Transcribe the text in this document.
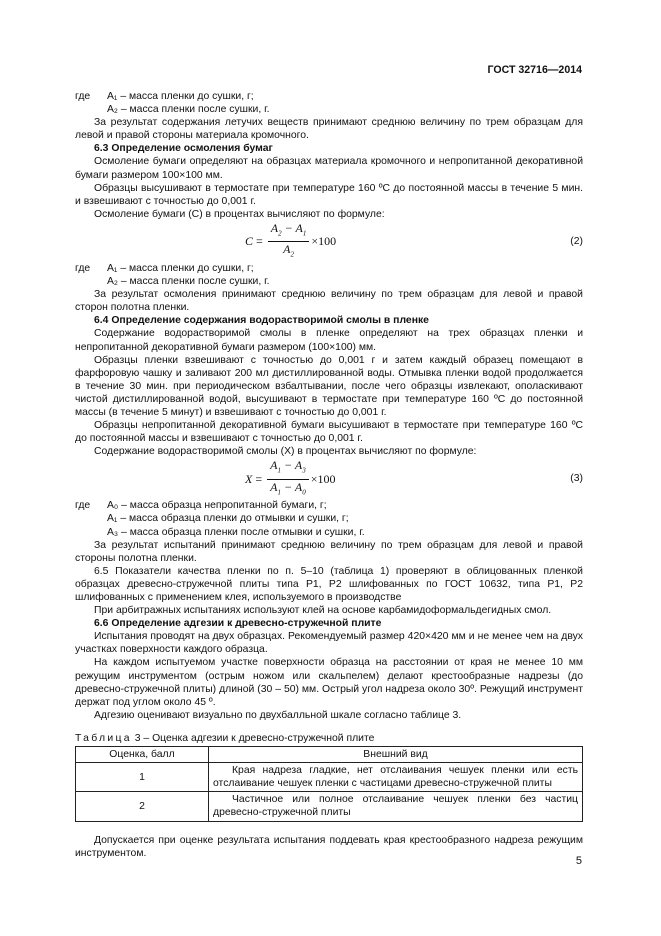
ГОСТ 32716—2014
где	A₁ – масса пленки до сушки, г;
A₂ – масса пленки после сушки, г.

За результат содержания летучих веществ принимают среднюю величину по трем образцам для левой и правой стороны материала кромочного.

6.3 Определение осмоления бумаг

Осмоление бумаги определяют на образцах материала кромочного и непропитанной декоративной бумаги размером 100×100 мм.

Образцы высушивают в термостате при температуре 160 ºС до постоянной массы в течение 5 мин. и взвешивают с точностью до 0,001 г.

Осмоление бумаги (С) в процентах вычисляют по формуле:

$C = \frac{A_2 - A_1}{A_2} \times 100$	(2)
где	A₁ – масса пленки до сушки, г;
A₂ – масса пленки после сушки, г.

За результат осмоления принимают среднюю величину по трем образцам для левой и правой сторон полотна пленки.

6.4 Определение содержания водорастворимой смолы в пленке

Содержание водорастворимой смолы в пленке определяют на трех образцах пленки и непропитанной декоративной бумаги размером (100×100) мм.

Образцы пленки взвешивают с точностью до 0,001 г и затем каждый образец помещают в фарфоровую чашку и заливают 200 мл дистиллированной воды. Отмывка пленки водой продолжается в течение 30 мин. при периодическом взбалтывании, после чего образцы извлекают, ополаскивают чистой дистиллированной водой, высушивают в термостате при температуре 160 ºС до постоянной массы (в течение 5 минут) и взвешивают с точностью до 0,001 г.

Образцы непропитанной декоративной бумаги высушивают в термостате при температуре 160 ºС до постоянной массы и взвешивают с точностью до 0,001 г.

Содержание водорастворимой смолы (Х) в процентах вычисляют по формуле:

$X = \frac{A_1 - A_3}{A_1 - A_0} \times 100$	(3)
где	A₀ – масса образца непропитанной бумаги, г;
A₁ – масса образца пленки до отмывки и сушки, г;
A₃ – масса образца пленки после отмывки и сушки, г.

За результат испытаний принимают среднюю величину по трем образцам для левой и правой стороны полотна пленки.

6.5 Показатели качества пленки по п. 5–10 (таблица 1) проверяют в облицованных пленкой образцах древесно-стружечной плиты типа Р1, Р2 шлифованных по ГОСТ 10632, типа Р1, Р2 шлифованных с применением клея, используемого в производстве

При арбитражных испытаниях используют клей на основе карбамидоформальдегидных смол.

6.6 Определение адгезии к древесно-стружечной плите

Испытания проводят на двух образцах. Рекомендуемый размер 420×420 мм и не менее чем на двух участках поверхности каждого образца.

На каждом испытуемом участке поверхности образца на расстоянии от края не менее 10 мм режущим инструментом (острым ножом или скальпелем) делают крестообразные надрезы (до древесно-стружечной плиты) длиной (30 – 50) мм. Острый угол надреза около 30º. Режущий инструмент держат под углом около 45 º.

Адгезию оценивают визуально по двухбалльной шкале согласно таблице 3.

Таблица 3 – Оценка адгезии к древесно-стружечной плите
Оценка, балл	Внешний вид
1	Края надреза гладкие, нет отслаивания чешуек пленки или есть отслаивание чешуек пленки с частицами древесно-стружечной плиты
2	Частичное или полное отслаивание чешуек пленки без частиц древесно-стружечной плиты

Допускается при оценке результата испытания поддевать края крестообразного надреза режущим инструментом.

5
